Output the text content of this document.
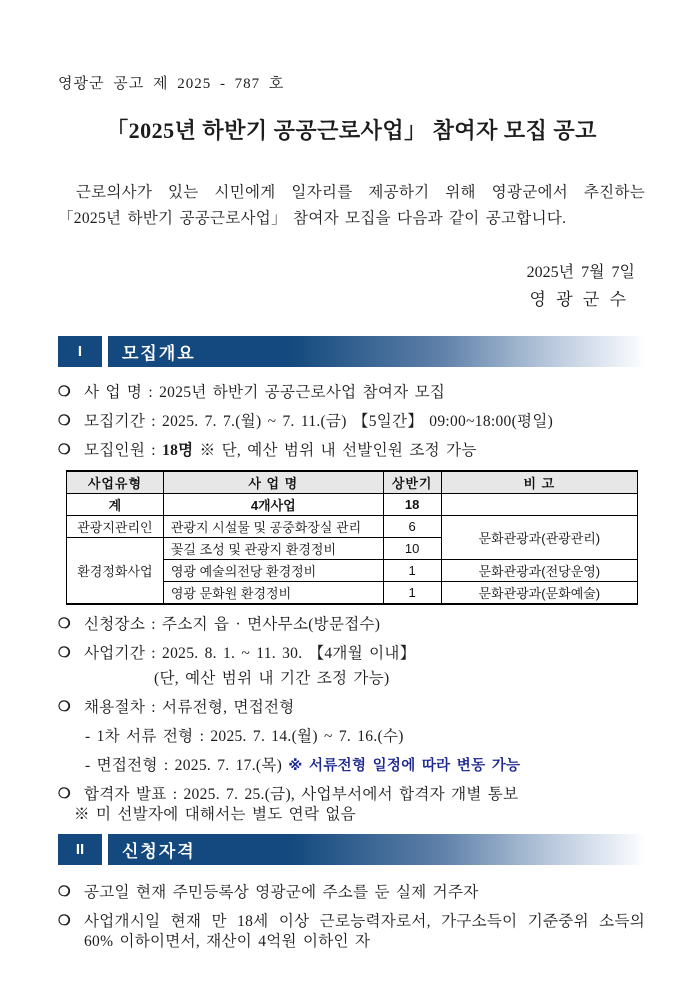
영광군 공고 제 2025 - 787 호
「2025년 하반기 공공근로사업」 참여자 모집 공고
근로의사가 있는 시민에게 일자리를 제공하기 위해 영광군에서 추진하는 「2025년 하반기 공공근로사업」 참여자 모집을 다음과 같이 공고합니다.
2025년 7월 7일
영 광 군 수
I	모집개요
❍ 사 업 명 : 2025년 하반기 공공근로사업 참여자 모집
❍ 모집기간 : 2025. 7. 7.(월) ~ 7. 11.(금) 【5일간】 09:00~18:00(평일)
❍ 모집인원 : 18명 ※ 단, 예산 범위 내 선발인원 조정 가능
사업유형	사 업 명	상반기	비 고
계	4개사업	18	
관광지관리인	관광지 시설물 및 공중화장실 관리	6	문화관광과(관광관리)
환경정화사업	꽃길 조성 및 관광지 환경정비	10	
	영광 예술의전당 환경정비	1	문화관광과(전당운영)
	영광 문화원 환경정비	1	문화관광과(문화예술)
❍ 신청장소 : 주소지 읍 · 면사무소(방문접수)
❍ 사업기간 : 2025. 8. 1. ~ 11. 30. 【4개월 이내】
(단, 예산 범위 내 기간 조정 가능)
❍ 채용절차 : 서류전형, 면접전형
- 1차 서류 전형 : 2025. 7. 14.(월) ~ 7. 16.(수)
- 면접전형 : 2025. 7. 17.(목) ※ 서류전형 일정에 따라 변동 가능
❍ 합격자 발표 : 2025. 7. 25.(금), 사업부서에서 합격자 개별 통보
※ 미 선발자에 대해서는 별도 연락 없음
II	신청자격
❍ 공고일 현재 주민등록상 영광군에 주소를 둔 실제 거주자
❍ 사업개시일 현재 만 18세 이상 근로능력자로서, 가구소득이 기준중위 소득의 60% 이하이면서, 재산이 4억원 이하인 자
